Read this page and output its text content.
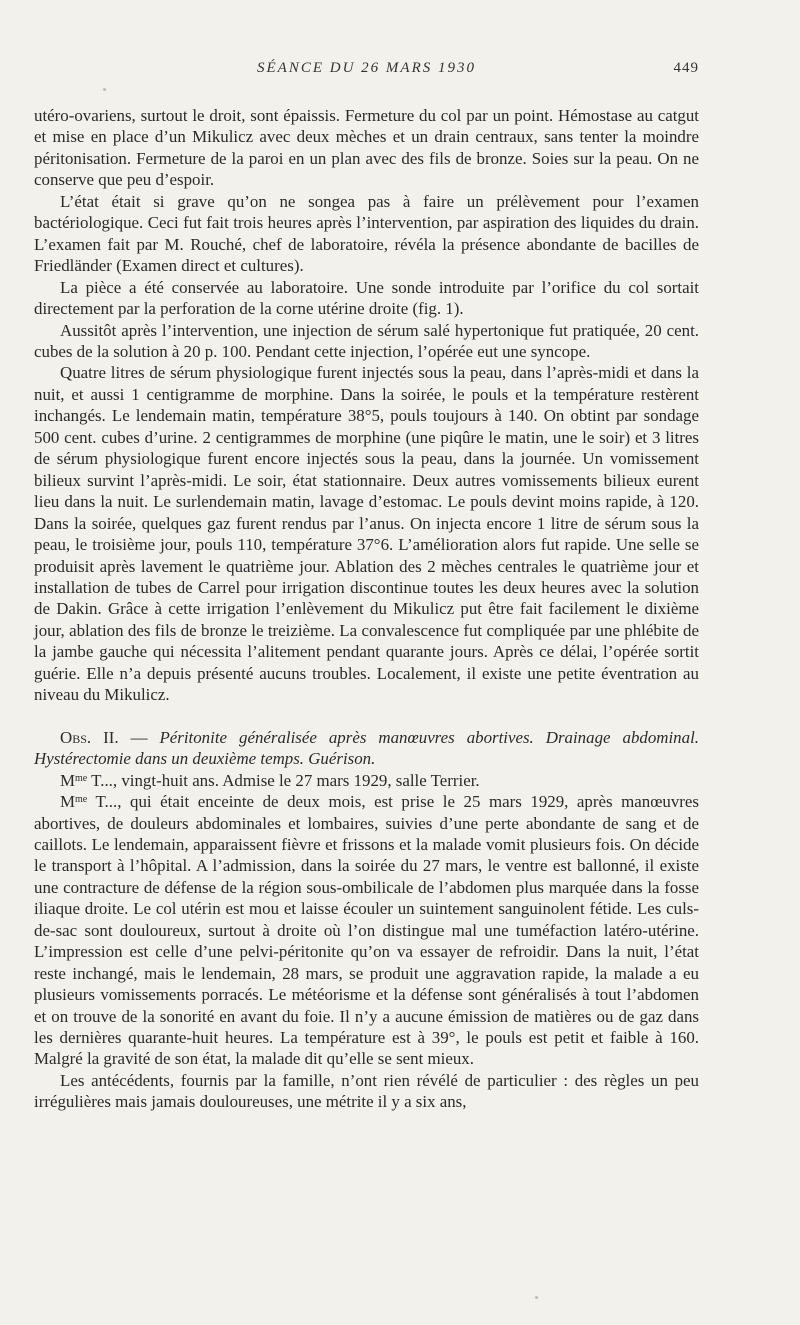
SÉANCE DU 26 MARS 1930	449

utéro-ovariens, surtout le droit, sont épaissis. Fermeture du col par un point. Hémostase au catgut et mise en place d’un Mikulicz avec deux mèches et un drain centraux, sans tenter la moindre péritonisation. Fermeture de la paroi en un plan avec des fils de bronze. Soies sur la peau. On ne conserve que peu d’espoir.

L’état était si grave qu’on ne songea pas à faire un prélèvement pour l’examen bactériologique. Ceci fut fait trois heures après l’intervention, par aspiration des liquides du drain. L’examen fait par M. Rouché, chef de laboratoire, révéla la présence abondante de bacilles de Friedländer (Examen direct et cultures).

La pièce a été conservée au laboratoire. Une sonde introduite par l’orifice du col sortait directement par la perforation de la corne utérine droite (fig. 1).

Aussitôt après l’intervention, une injection de sérum salé hypertonique fut pratiquée, 20 cent. cubes de la solution à 20 p. 100. Pendant cette injection, l’opérée eut une syncope.

Quatre litres de sérum physiologique furent injectés sous la peau, dans l’après-midi et dans la nuit, et aussi 1 centigramme de morphine. Dans la soirée, le pouls et la température restèrent inchangés. Le lendemain matin, température 38°5, pouls toujours à 140. On obtint par sondage 500 cent. cubes d’urine. 2 centigrammes de morphine (une piqûre le matin, une le soir) et 3 litres de sérum physiologique furent encore injectés sous la peau, dans la journée. Un vomissement bilieux survint l’après-midi. Le soir, état stationnaire. Deux autres vomissements bilieux eurent lieu dans la nuit. Le surlendemain matin, lavage d’estomac. Le pouls devint moins rapide, à 120. Dans la soirée, quelques gaz furent rendus par l’anus. On injecta encore 1 litre de sérum sous la peau, le troisième jour, pouls 110, température 37°6. L’amélioration alors fut rapide. Une selle se produisit après lavement le quatrième jour. Ablation des 2 mèches centrales le quatrième jour et installation de tubes de Carrel pour irrigation discontinue toutes les deux heures avec la solution de Dakin. Grâce à cette irrigation l’enlèvement du Mikulicz put être fait facilement le dixième jour, ablation des fils de bronze le treizième. La convalescence fut compliquée par une phlébite de la jambe gauche qui nécessita l’alitement pendant quarante jours. Après ce délai, l’opérée sortit guérie. Elle n’a depuis présenté aucuns troubles. Localement, il existe une petite éventration au niveau du Mikulicz.

Obs. II. — Péritonite généralisée après manœuvres abortives. Drainage abdominal. Hystérectomie dans un deuxième temps. Guérison.

$M^{me}$ T..., vingt-huit ans. Admise le 27 mars 1929, salle Terrier.

$M^{me}$ T..., qui était enceinte de deux mois, est prise le 25 mars 1929, après manœuvres abortives, de douleurs abdominales et lombaires, suivies d’une perte abondante de sang et de caillots. Le lendemain, apparaissent fièvre et frissons et la malade vomit plusieurs fois. On décide le transport à l’hôpital. A l’admission, dans la soirée du 27 mars, le ventre est ballonné, il existe une contracture de défense de la région sous-ombilicale de l’abdomen plus marquée dans la fosse iliaque droite. Le col utérin est mou et laisse écouler un suintement sanguinolent fétide. Les culs-de-sac sont douloureux, surtout à droite où l’on distingue mal une tuméfaction latéro-utérine. L’impression est celle d’une pelvi-péritonite qu’on va essayer de refroidir. Dans la nuit, l’état reste inchangé, mais le lendemain, 28 mars, se produit une aggravation rapide, la malade a eu plusieurs vomissements porracés. Le météorisme et la défense sont généralisés à tout l’abdomen et on trouve de la sonorité en avant du foie. Il n’y a aucune émission de matières ou de gaz dans les dernières quarante-huit heures. La température est à 39°, le pouls est petit et faible à 160. Malgré la gravité de son état, la malade dit qu’elle se sent mieux.

Les antécédents, fournis par la famille, n’ont rien révélé de particulier : des règles un peu irrégulières mais jamais douloureuses, une métrite il y a six ans,
